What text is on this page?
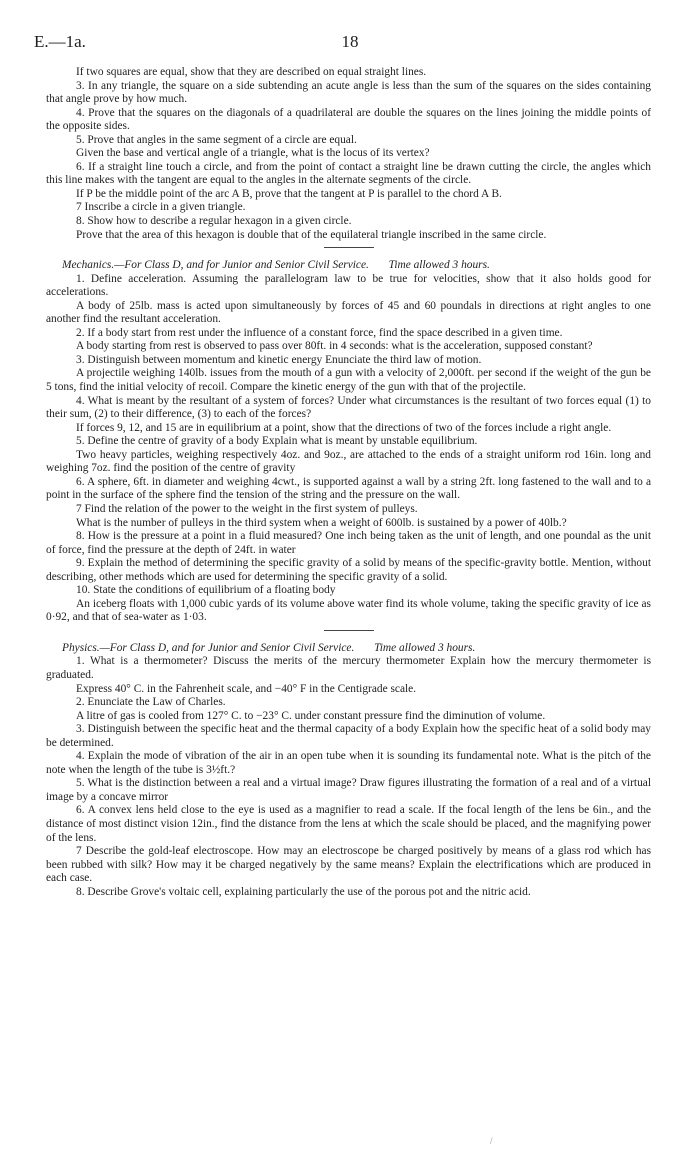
E.—1a.	18

If two squares are equal, show that they are described on equal straight lines.

3. In any triangle, the square on a side subtending an acute angle is less than the sum of the squares on the sides containing that angle prove by how much.

4. Prove that the squares on the diagonals of a quadrilateral are double the squares on the lines joining the middle points of the opposite sides.

5. Prove that angles in the same segment of a circle are equal.

Given the base and vertical angle of a triangle, what is the locus of its vertex?

6. If a straight line touch a circle, and from the point of contact a straight line be drawn cutting the circle, the angles which this line makes with the tangent are equal to the angles in the alternate segments of the circle.

If P be the middle point of the arc A B, prove that the tangent at P is parallel to the chord A B.

7 Inscribe a circle in a given triangle.

8. Show how to describe a regular hexagon in a given circle.

Prove that the area of this hexagon is double that of the equilateral triangle inscribed in the same circle.

Mechanics.—For Class D, and for Junior and Senior Civil Service. Time allowed 3 hours.

1. Define acceleration. Assuming the parallelogram law to be true for velocities, show that it also holds good for accelerations.

A body of 25lb. mass is acted upon simultaneously by forces of 45 and 60 poundals in directions at right angles to one another find the resultant acceleration.

2. If a body start from rest under the influence of a constant force, find the space described in a given time.

A body starting from rest is observed to pass over 80ft. in 4 seconds: what is the acceleration, supposed constant?

3. Distinguish between momentum and kinetic energy Enunciate the third law of motion.

A projectile weighing 140lb. issues from the mouth of a gun with a velocity of 2,000ft. per second if the weight of the gun be 5 tons, find the initial velocity of recoil. Compare the kinetic energy of the gun with that of the projectile.

4. What is meant by the resultant of a system of forces? Under what circumstances is the resultant of two forces equal (1) to their sum, (2) to their difference, (3) to each of the forces?

If forces 9, 12, and 15 are in equilibrium at a point, show that the directions of two of the forces include a right angle.

5. Define the centre of gravity of a body Explain what is meant by unstable equilibrium.

Two heavy particles, weighing respectively 4oz. and 9oz., are attached to the ends of a straight uniform rod 16in. long and weighing 7oz. find the position of the centre of gravity

6. A sphere, 6ft. in diameter and weighing 4cwt., is supported against a wall by a string 2ft. long fastened to the wall and to a point in the surface of the sphere find the tension of the string and the pressure on the wall.

7 Find the relation of the power to the weight in the first system of pulleys.

What is the number of pulleys in the third system when a weight of 600lb. is sustained by a power of 40lb.?

8. How is the pressure at a point in a fluid measured? One inch being taken as the unit of length, and one poundal as the unit of force, find the pressure at the depth of 24ft. in water

9. Explain the method of determining the specific gravity of a solid by means of the specific-gravity bottle. Mention, without describing, other methods which are used for determining the specific gravity of a solid.

10. State the conditions of equilibrium of a floating body

An iceberg floats with 1,000 cubic yards of its volume above water find its whole volume, taking the specific gravity of ice as 0·92, and that of sea-water as 1·03.

Physics.—For Class D, and for Junior and Senior Civil Service. Time allowed 3 hours.

1. What is a thermometer? Discuss the merits of the mercury thermometer Explain how the mercury thermometer is graduated.

Express 40° C. in the Fahrenheit scale, and −40° F in the Centigrade scale.

2. Enunciate the Law of Charles.

A litre of gas is cooled from 127° C. to −23° C. under constant pressure find the diminution of volume.

3. Distinguish between the specific heat and the thermal capacity of a body Explain how the specific heat of a solid body may be determined.

4. Explain the mode of vibration of the air in an open tube when it is sounding its fundamental note. What is the pitch of the note when the length of the tube is 3½ft.?

5. What is the distinction between a real and a virtual image? Draw figures illustrating the formation of a real and of a virtual image by a concave mirror

6. A convex lens held close to the eye is used as a magnifier to read a scale. If the focal length of the lens be 6in., and the distance of most distinct vision 12in., find the distance from the lens at which the scale should be placed, and the magnifying power of the lens.

7 Describe the gold-leaf electroscope. How may an electroscope be charged positively by means of a glass rod which has been rubbed with silk? How may it be charged negatively by the same means? Explain the electrifications which are produced in each case.

8. Describe Grove's voltaic cell, explaining particularly the use of the porous pot and the nitric acid.

/
